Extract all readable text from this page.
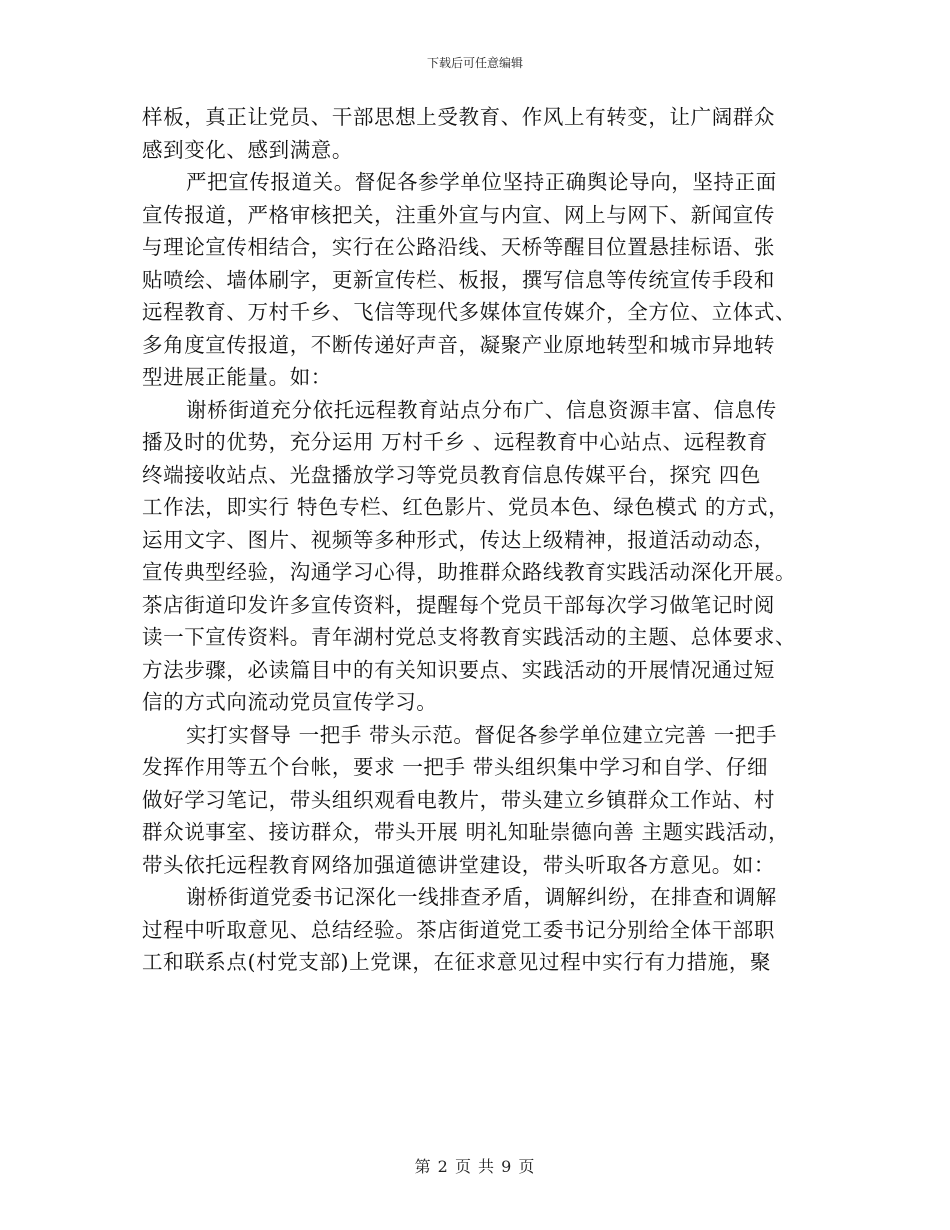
下载后可任意编辑
样板，真正让党员、干部思想上受教育、作风上有转变，让广阔群众
感到变化、感到满意。
严把宣传报道关。督促各参学单位坚持正确舆论导向，坚持正面
宣传报道，严格审核把关，注重外宣与内宣、网上与网下、新闻宣传
与理论宣传相结合，实行在公路沿线、天桥等醒目位置悬挂标语、张
贴喷绘、墙体刷字，更新宣传栏、板报，撰写信息等传统宣传手段和
远程教育、万村千乡、飞信等现代多媒体宣传媒介，全方位、立体式、
多角度宣传报道，不断传递好声音，凝聚产业原地转型和城市异地转
型进展正能量。如：
谢桥街道充分依托远程教育站点分布广、信息资源丰富、信息传
播及时的优势，充分运用 万村千乡 、远程教育中心站点、远程教育
终端接收站点、光盘播放学习等党员教育信息传媒平台，探究 四色
工作法，即实行 特色专栏、红色影片、党员本色、绿色模式 的方式，
运用文字、图片、视频等多种形式，传达上级精神，报道活动动态，
宣传典型经验，沟通学习心得，助推群众路线教育实践活动深化开展。
茶店街道印发许多宣传资料，提醒每个党员干部每次学习做笔记时阅
读一下宣传资料。青年湖村党总支将教育实践活动的主题、总体要求、
方法步骤，必读篇目中的有关知识要点、实践活动的开展情况通过短
信的方式向流动党员宣传学习。
实打实督导 一把手 带头示范。督促各参学单位建立完善 一把手
发挥作用等五个台帐，要求 一把手 带头组织集中学习和自学、仔细
做好学习笔记，带头组织观看电教片，带头建立乡镇群众工作站、村
群众说事室、接访群众，带头开展 明礼知耻崇德向善 主题实践活动，
带头依托远程教育网络加强道德讲堂建设，带头听取各方意见。如：
谢桥街道党委书记深化一线排查矛盾，调解纠纷，在排查和调解
过程中听取意见、总结经验。茶店街道党工委书记分别给全体干部职
工和联系点(村党支部)上党课，在征求意见过程中实行有力措施，聚
第 2 页 共 9 页
